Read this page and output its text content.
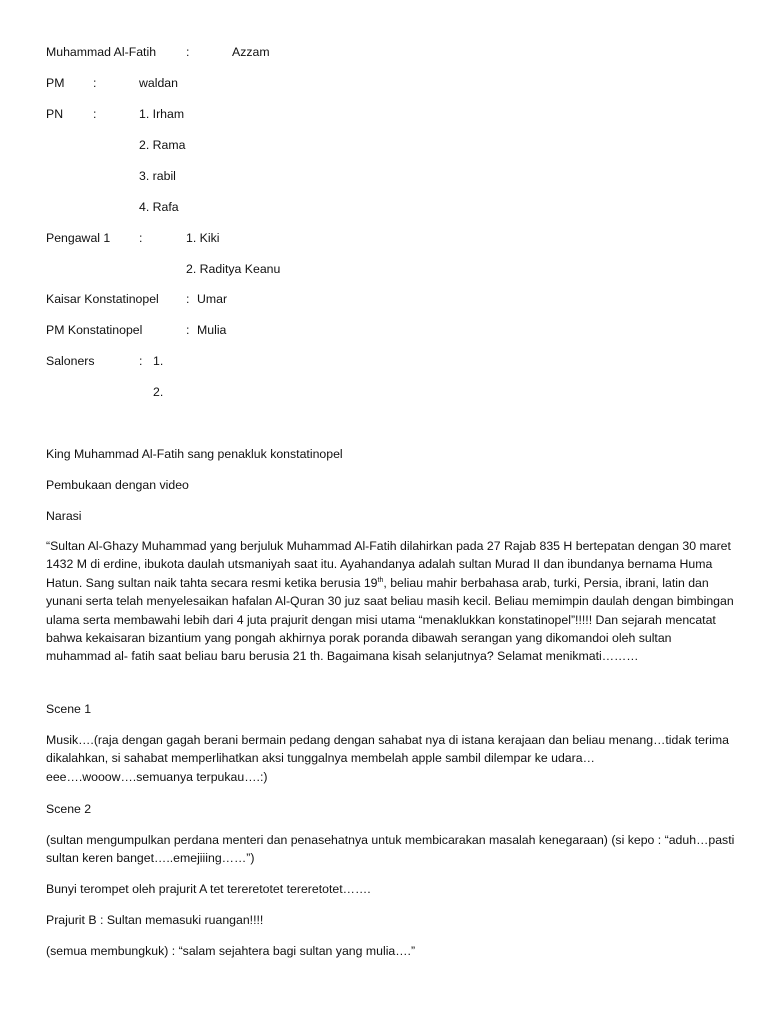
Muhammad Al-Fatih :	Azzam
PM :	waldan
PN :	1. Irham
2. Rama
3. rabil
4. Rafa
Pengawal 1 :	1. Kiki
2. Raditya Keanu
Kaisar Konstatinopel : Umar
PM Konstatinopel	: Mulia
Saloners	: 1.
2.
King Muhammad Al-Fatih sang penakluk konstatinopel
Pembukaan dengan video
Narasi
“Sultan Al-Ghazy Muhammad yang berjuluk Muhammad Al-Fatih dilahirkan pada 27 Rajab 835 H bertepatan dengan 30 maret 1432 M di erdine, ibukota daulah utsmaniyah saat itu. Ayahandanya adalah sultan Murad II dan ibundanya bernama Huma Hatun. Sang sultan naik tahta secara resmi ketika berusia 19th, beliau mahir berbahasa arab, turki, Persia, ibrani, latin dan yunani serta telah menyelesaikan hafalan Al-Quran 30 juz saat beliau masih kecil. Beliau memimpin daulah dengan bimbingan ulama serta membawahi lebih dari 4 juta prajurit dengan misi utama “menaklukkan konstatinopel”!!!!! Dan sejarah mencatat bahwa kekaisaran bizantium yang pongah akhirnya porak poranda dibawah serangan yang dikomandoi oleh sultan muhammad al- fatih saat beliau baru berusia 21 th. Bagaimana kisah selanjutnya? Selamat menikmati………
Scene 1
Musik….(raja dengan gagah berani bermain pedang dengan sahabat nya di istana kerajaan dan beliau menang…tidak terima dikalahkan, si sahabat memperlihatkan aksi tunggalnya membelah apple sambil dilempar ke udara…eee….wooow….semuanya terpukau….:)
Scene 2
(sultan mengumpulkan perdana menteri dan penasehatnya untuk membicarakan masalah kenegaraan) (si kepo : “aduh…pasti sultan keren banget…..emejiiing……”)
Bunyi terompet oleh prajurit A tet tereretotet tereretotet…….
Prajurit B : Sultan memasuki ruangan!!!!
(semua membungkuk) : “salam sejahtera bagi sultan yang mulia….”
